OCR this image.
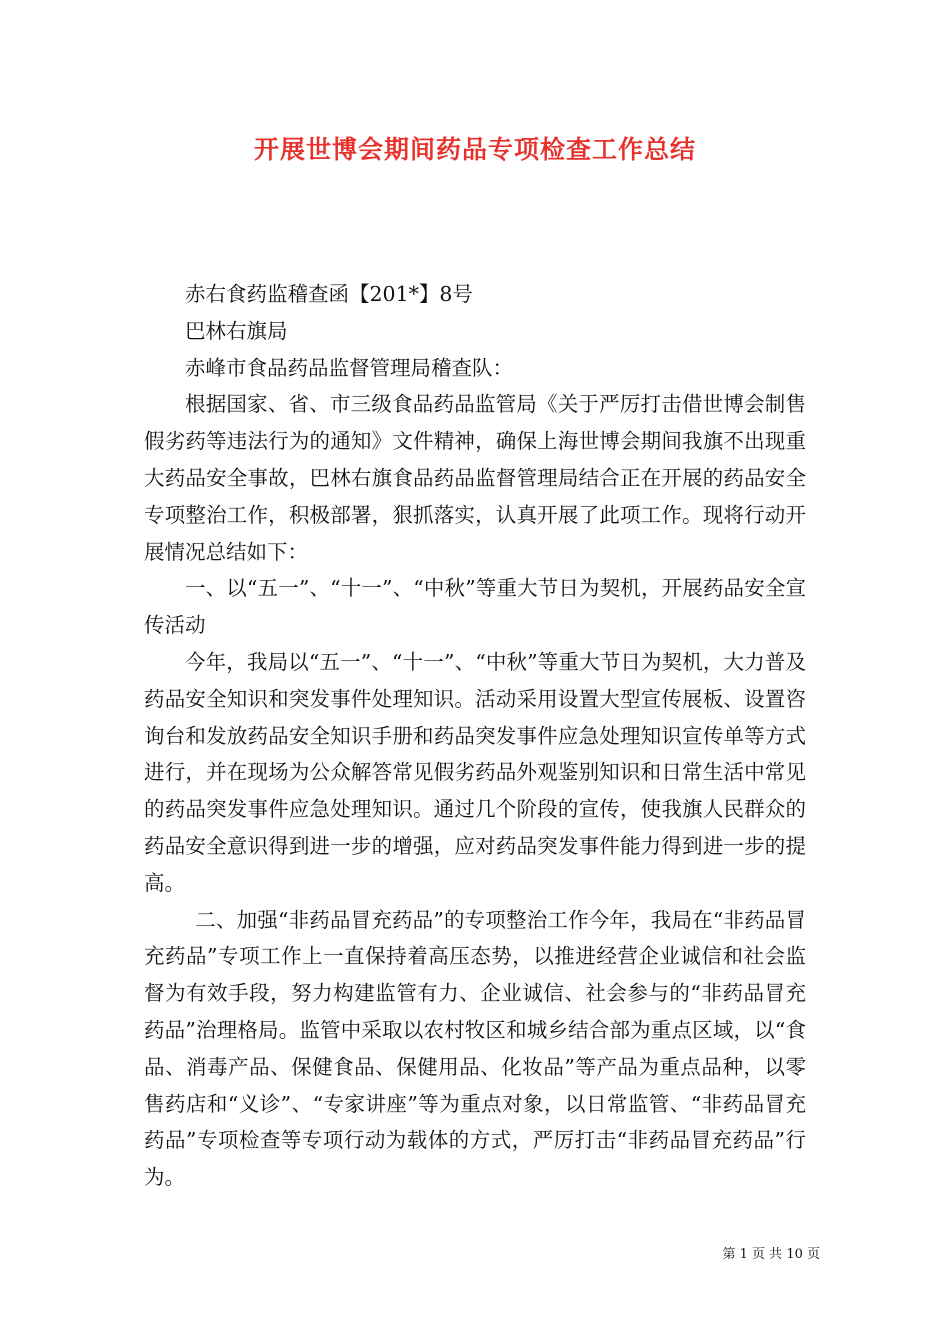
开展世博会期间药品专项检查工作总结

赤右食药监稽查函【201*】8号

巴林右旗局

赤峰市食品药品监督管理局稽查队：

根据国家、省、市三级食品药品监管局《关于严厉打击借世博会制售假劣药等违法行为的通知》文件精神，确保上海世博会期间我旗不出现重大药品安全事故，巴林右旗食品药品监督管理局结合正在开展的药品安全专项整治工作，积极部署，狠抓落实，认真开展了此项工作。现将行动开展情况总结如下：

一、以“五一”、“十一”、“中秋”等重大节日为契机，开展药品安全宣传活动

今年，我局以“五一”、“十一”、“中秋”等重大节日为契机，大力普及药品安全知识和突发事件处理知识。活动采用设置大型宣传展板、设置咨询台和发放药品安全知识手册和药品突发事件应急处理知识宣传单等方式进行，并在现场为公众解答常见假劣药品外观鉴别知识和日常生活中常见的药品突发事件应急处理知识。通过几个阶段的宣传，使我旗人民群众的药品安全意识得到进一步的增强，应对药品突发事件能力得到进一步的提高。

二、加强“非药品冒充药品”的专项整治工作今年，我局在“非药品冒充药品”专项工作上一直保持着高压态势，以推进经营企业诚信和社会监督为有效手段，努力构建监管有力、企业诚信、社会参与的“非药品冒充药品”治理格局。监管中采取以农村牧区和城乡结合部为重点区域，以“食品、消毒产品、保健食品、保健用品、化妆品”等产品为重点品种，以零售药店和“义诊”、“专家讲座”等为重点对象，以日常监管、“非药品冒充药品”专项检查等专项行动为载体的方式，严厉打击“非药品冒充药品”行为。

第 1 页 共 10 页
